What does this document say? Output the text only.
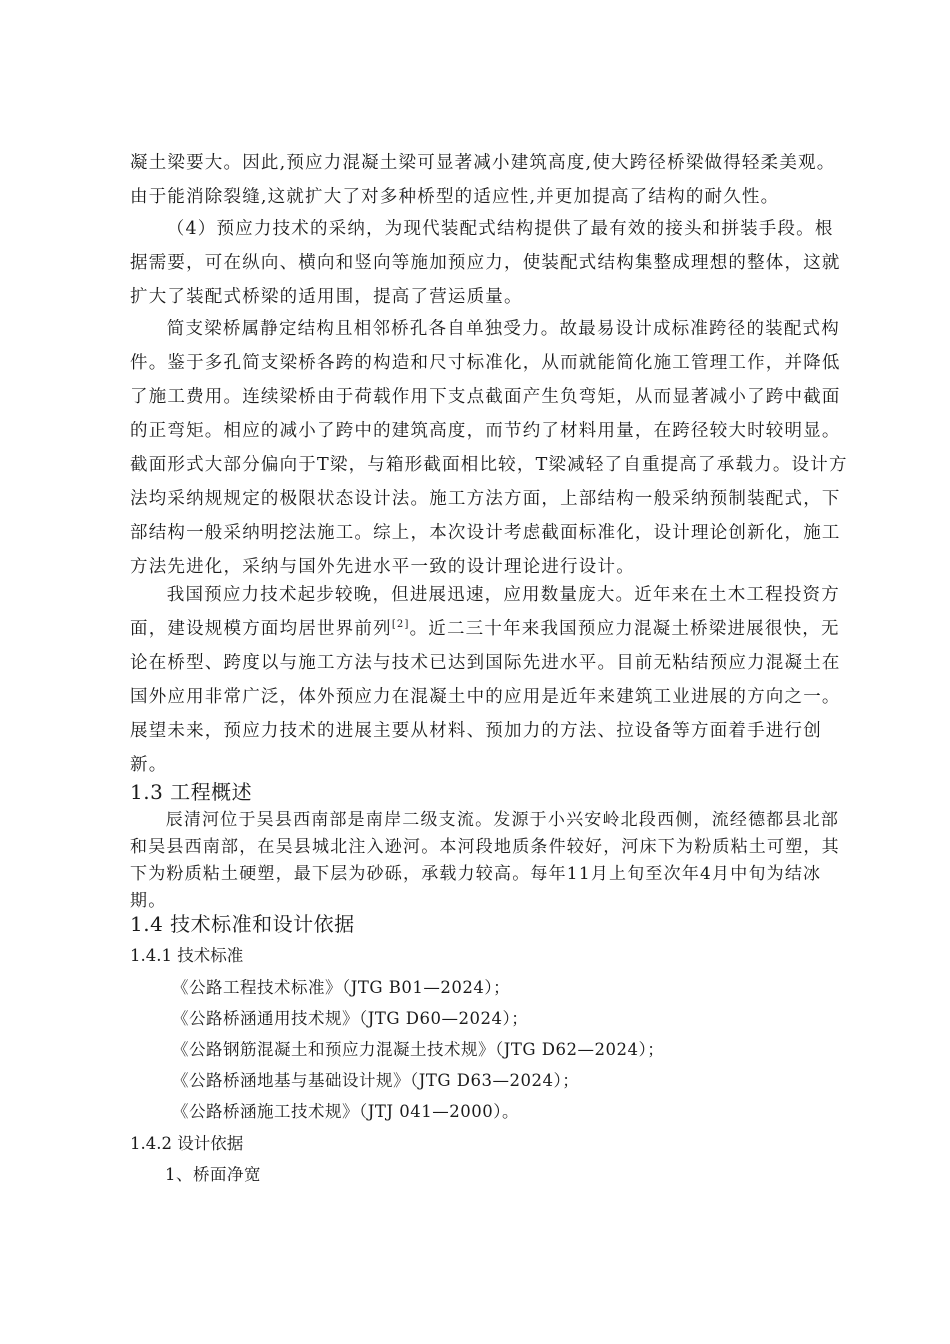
凝土梁要大。因此,预应力混凝土梁可显著减小建筑高度,使大跨径桥梁做得轻柔美观。由于能消除裂缝,这就扩大了对多种桥型的适应性,并更加提高了结构的耐久性。

（4）预应力技术的采纳，为现代装配式结构提供了最有效的接头和拼装手段。根据需要，可在纵向、横向和竖向等施加预应力，使装配式结构集整成理想的整体，这就扩大了装配式桥梁的适用围，提高了营运质量。

简支梁桥属静定结构且相邻桥孔各自单独受力。故最易设计成标准跨径的装配式构件。鉴于多孔简支梁桥各跨的构造和尺寸标准化，从而就能简化施工管理工作，并降低了施工费用。连续梁桥由于荷载作用下支点截面产生负弯矩，从而显著减小了跨中截面的正弯矩。相应的减小了跨中的建筑高度，而节约了材料用量，在跨径较大时较明显。截面形式大部分偏向于T梁，与箱形截面相比较，T梁减轻了自重提高了承载力。设计方法均采纳规规定的极限状态设计法。施工方法方面，上部结构一般采纳预制装配式，下部结构一般采纳明挖法施工。综上，本次设计考虑截面标准化，设计理论创新化，施工方法先进化，采纳与国外先进水平一致的设计理论进行设计。

我国预应力技术起步较晚，但进展迅速，应用数量庞大。近年来在土木工程投资方面，建设规模方面均居世界前列[2]。近二三十年来我国预应力混凝土桥梁进展很快，无论在桥型、跨度以与施工方法与技术已达到国际先进水平。目前无粘结预应力混凝土在国外应用非常广泛，体外预应力在混凝土中的应用是近年来建筑工业进展的方向之一。展望未来，预应力技术的进展主要从材料、预加力的方法、拉设备等方面着手进行创新。

1.3 工程概述

辰清河位于吴县西南部是南岸二级支流。发源于小兴安岭北段西侧，流经德都县北部和吴县西南部，在吴县城北注入逊河。本河段地质条件较好，河床下为粉质粘土可塑，其下为粉质粘土硬塑，最下层为砂砾，承载力较高。每年11月上旬至次年4月中旬为结冰期。

1.4 技术标准和设计依据
1.4.1 技术标准

《公路工程技术标准》（JTG B01—2024）；

《公路桥涵通用技术规》（JTG D60—2024）；

《公路钢筋混凝土和预应力混凝土技术规》（JTG D62—2024）；

《公路桥涵地基与基础设计规》（JTG D63—2024）；

《公路桥涵施工技术规》（JTJ 041—2000）。

1.4.2 设计依据

1、桥面净宽
